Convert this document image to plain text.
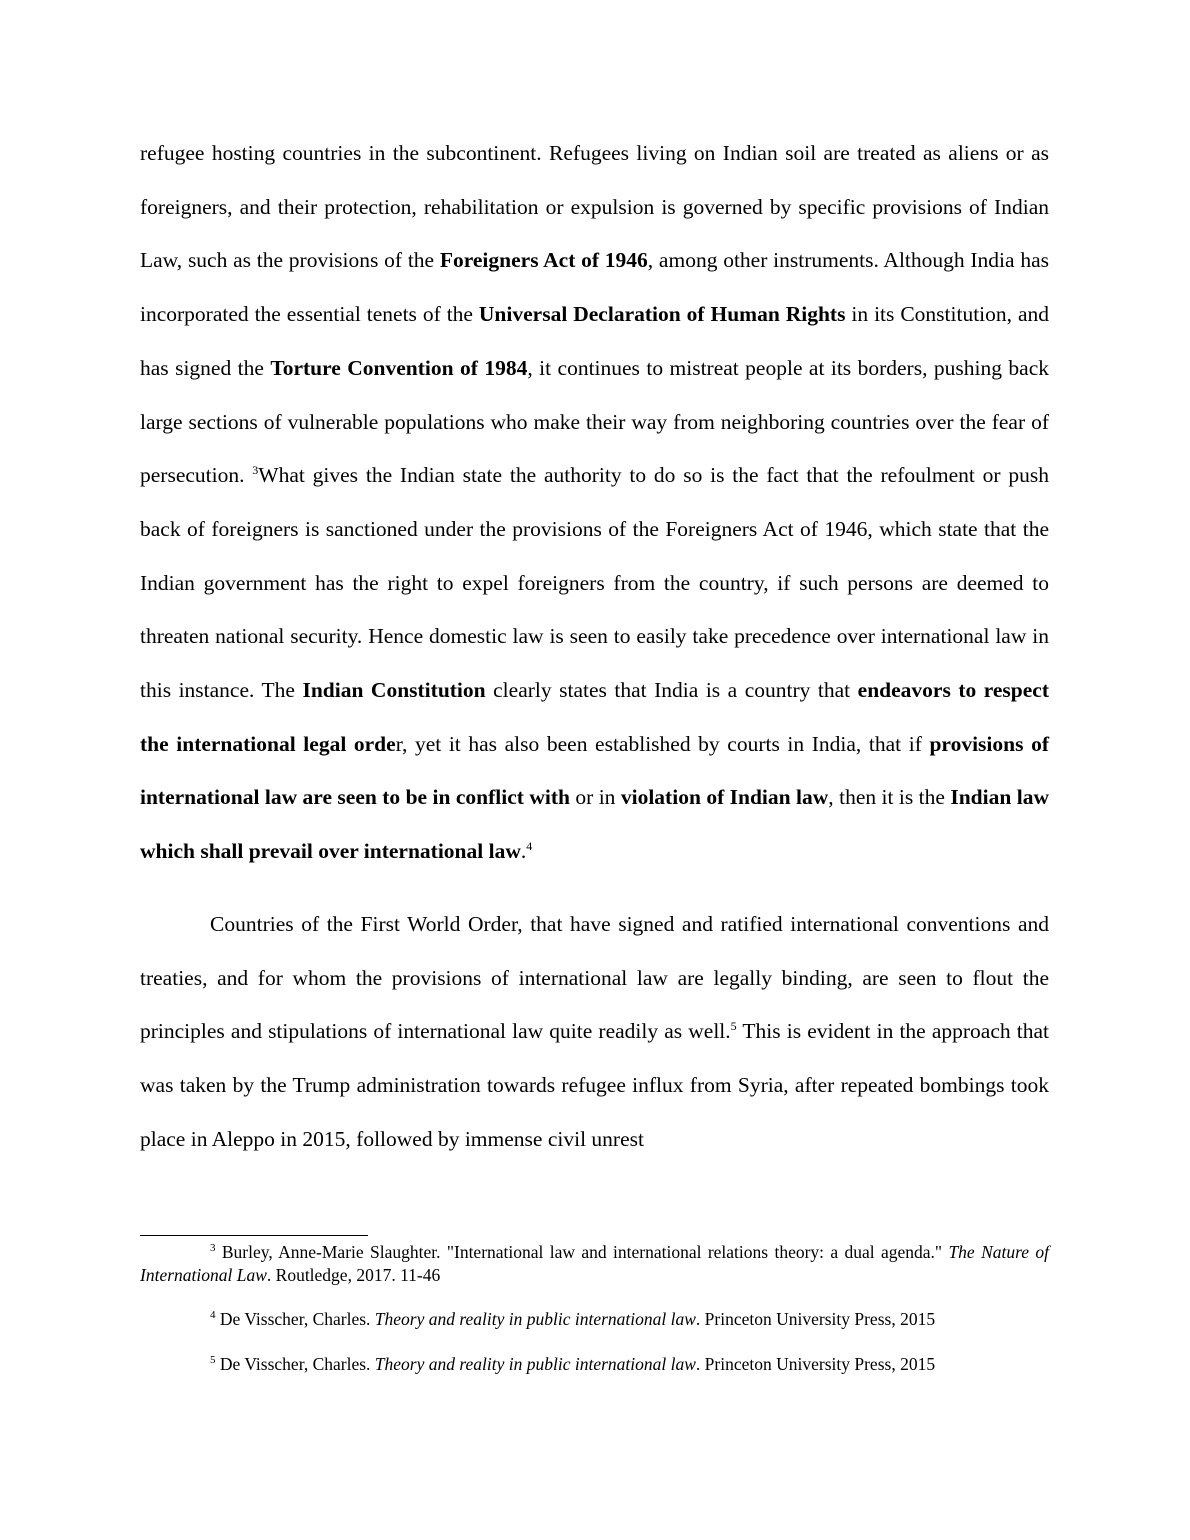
refugee hosting countries in the subcontinent. Refugees living on Indian soil are treated as aliens or as foreigners, and their protection, rehabilitation or expulsion is governed by specific provisions of Indian Law, such as the provisions of the Foreigners Act of 1946, among other instruments. Although India has incorporated the essential tenets of the Universal Declaration of Human Rights in its Constitution, and has signed the Torture Convention of 1984, it continues to mistreat people at its borders, pushing back large sections of vulnerable populations who make their way from neighboring countries over the fear of persecution. $^3$What gives the Indian state the authority to do so is the fact that the refoulment or push back of foreigners is sanctioned under the provisions of the Foreigners Act of 1946, which state that the Indian government has the right to expel foreigners from the country, if such persons are deemed to threaten national security. Hence domestic law is seen to easily take precedence over international law in this instance. The Indian Constitution clearly states that India is a country that endeavors to respect the international legal order, yet it has also been established by courts in India, that if provisions of international law are seen to be in conflict with or in violation of Indian law, then it is the Indian law which shall prevail over international law.$^4$

Countries of the First World Order, that have signed and ratified international conventions and treaties, and for whom the provisions of international law are legally binding, are seen to flout the principles and stipulations of international law quite readily as well.$^5$ This is evident in the approach that was taken by the Trump administration towards refugee influx from Syria, after repeated bombings took place in Aleppo in 2015, followed by immense civil unrest

$^3$ Burley, Anne-Marie Slaughter. "International law and international relations theory: a dual agenda." The Nature of International Law. Routledge, 2017. 11-46

$^4$ De Visscher, Charles. Theory and reality in public international law. Princeton University Press, 2015

$^5$ De Visscher, Charles. Theory and reality in public international law. Princeton University Press, 2015
